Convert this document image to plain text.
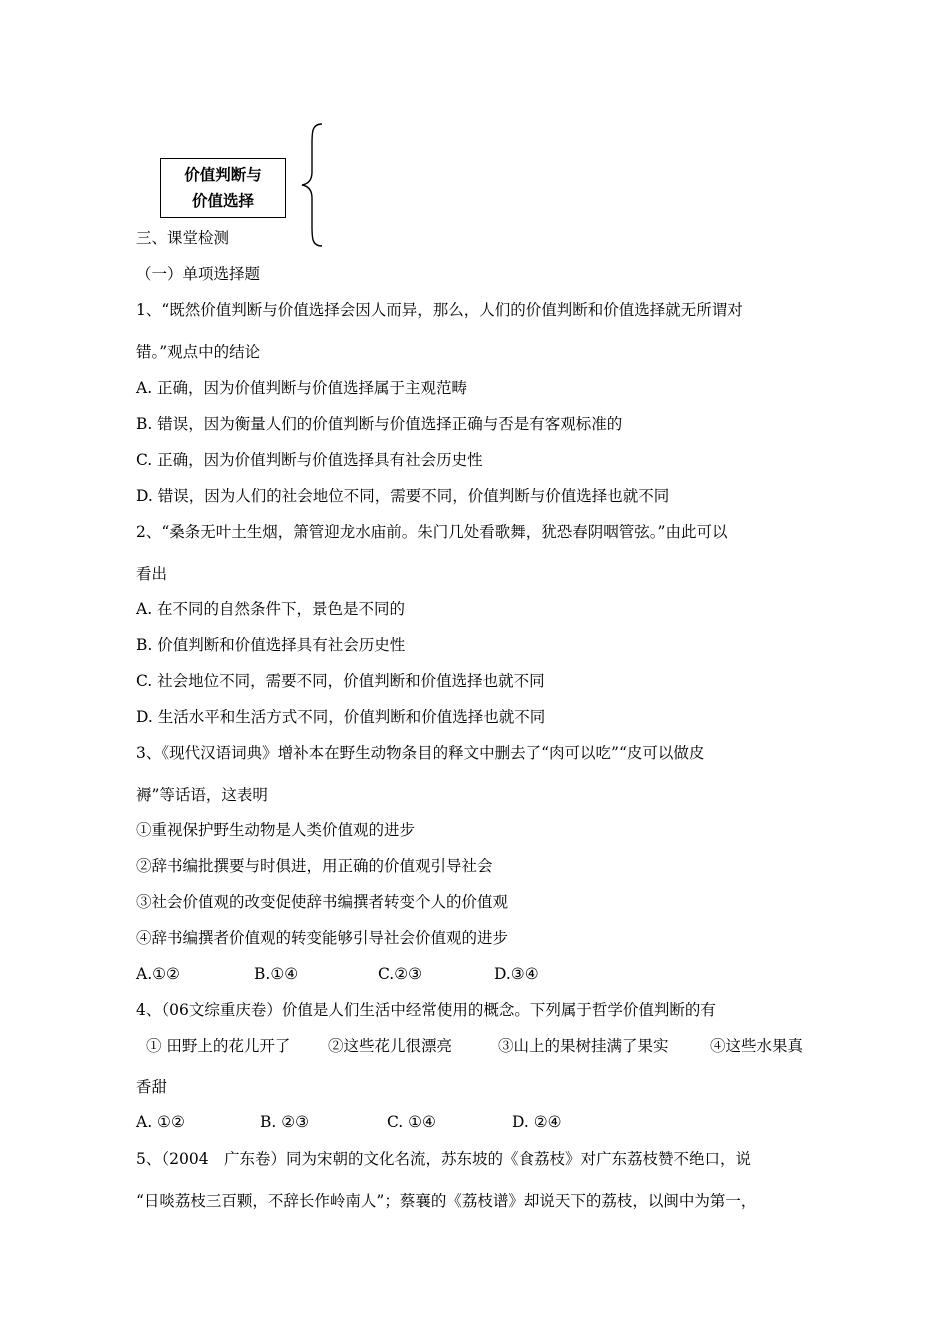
价值判断与
价值选择
三、课堂检测
（一）单项选择题
1、“既然价值判断与价值选择会因人而异，那么，人们的价值判断和价值选择就无所谓对
错。”观点中的结论
A. 正确，因为价值判断与价值选择属于主观范畴
B. 错误，因为衡量人们的价值判断与价值选择正确与否是有客观标准的
C. 正确，因为价值判断与价值选择具有社会历史性
D. 错误，因为人们的社会地位不同，需要不同，价值判断与价值选择也就不同
2、“桑条无叶土生烟，箫管迎龙水庙前。朱门几处看歌舞，犹恐春阴咽管弦。”由此可以
看出
A. 在不同的自然条件下，景色是不同的
B. 价值判断和价值选择具有社会历史性
C. 社会地位不同，需要不同，价值判断和价值选择也就不同
D. 生活水平和生活方式不同，价值判断和价值选择也就不同
3、《现代汉语词典》增补本在野生动物条目的释文中删去了“肉可以吃”“皮可以做皮
褥”等话语，这表明
①重视保护野生动物是人类价值观的进步
②辞书编批撰要与时俱进，用正确的价值观引导社会
③社会价值观的改变促使辞书编撰者转变个人的价值观
④辞书编撰者价值观的转变能够引导社会价值观的进步
A.①②	B.①④	C.②③	D.③④
4、（06文综重庆卷）价值是人们生活中经常使用的概念。下列属于哲学价值判断的有
① 田野上的花儿开了 ②这些花儿很漂亮	③山上的果树挂满了果实	④这些水果真
香甜
A. ①②	B. ②③	C. ①④	D. ②④
5、（2004　广东卷）同为宋朝的文化名流，苏东坡的《食荔枝》对广东荔枝赞不绝口，说
“日啖荔枝三百颗，不辞长作岭南人”；蔡襄的《荔枝谱》却说天下的荔枝，以闽中为第一，
